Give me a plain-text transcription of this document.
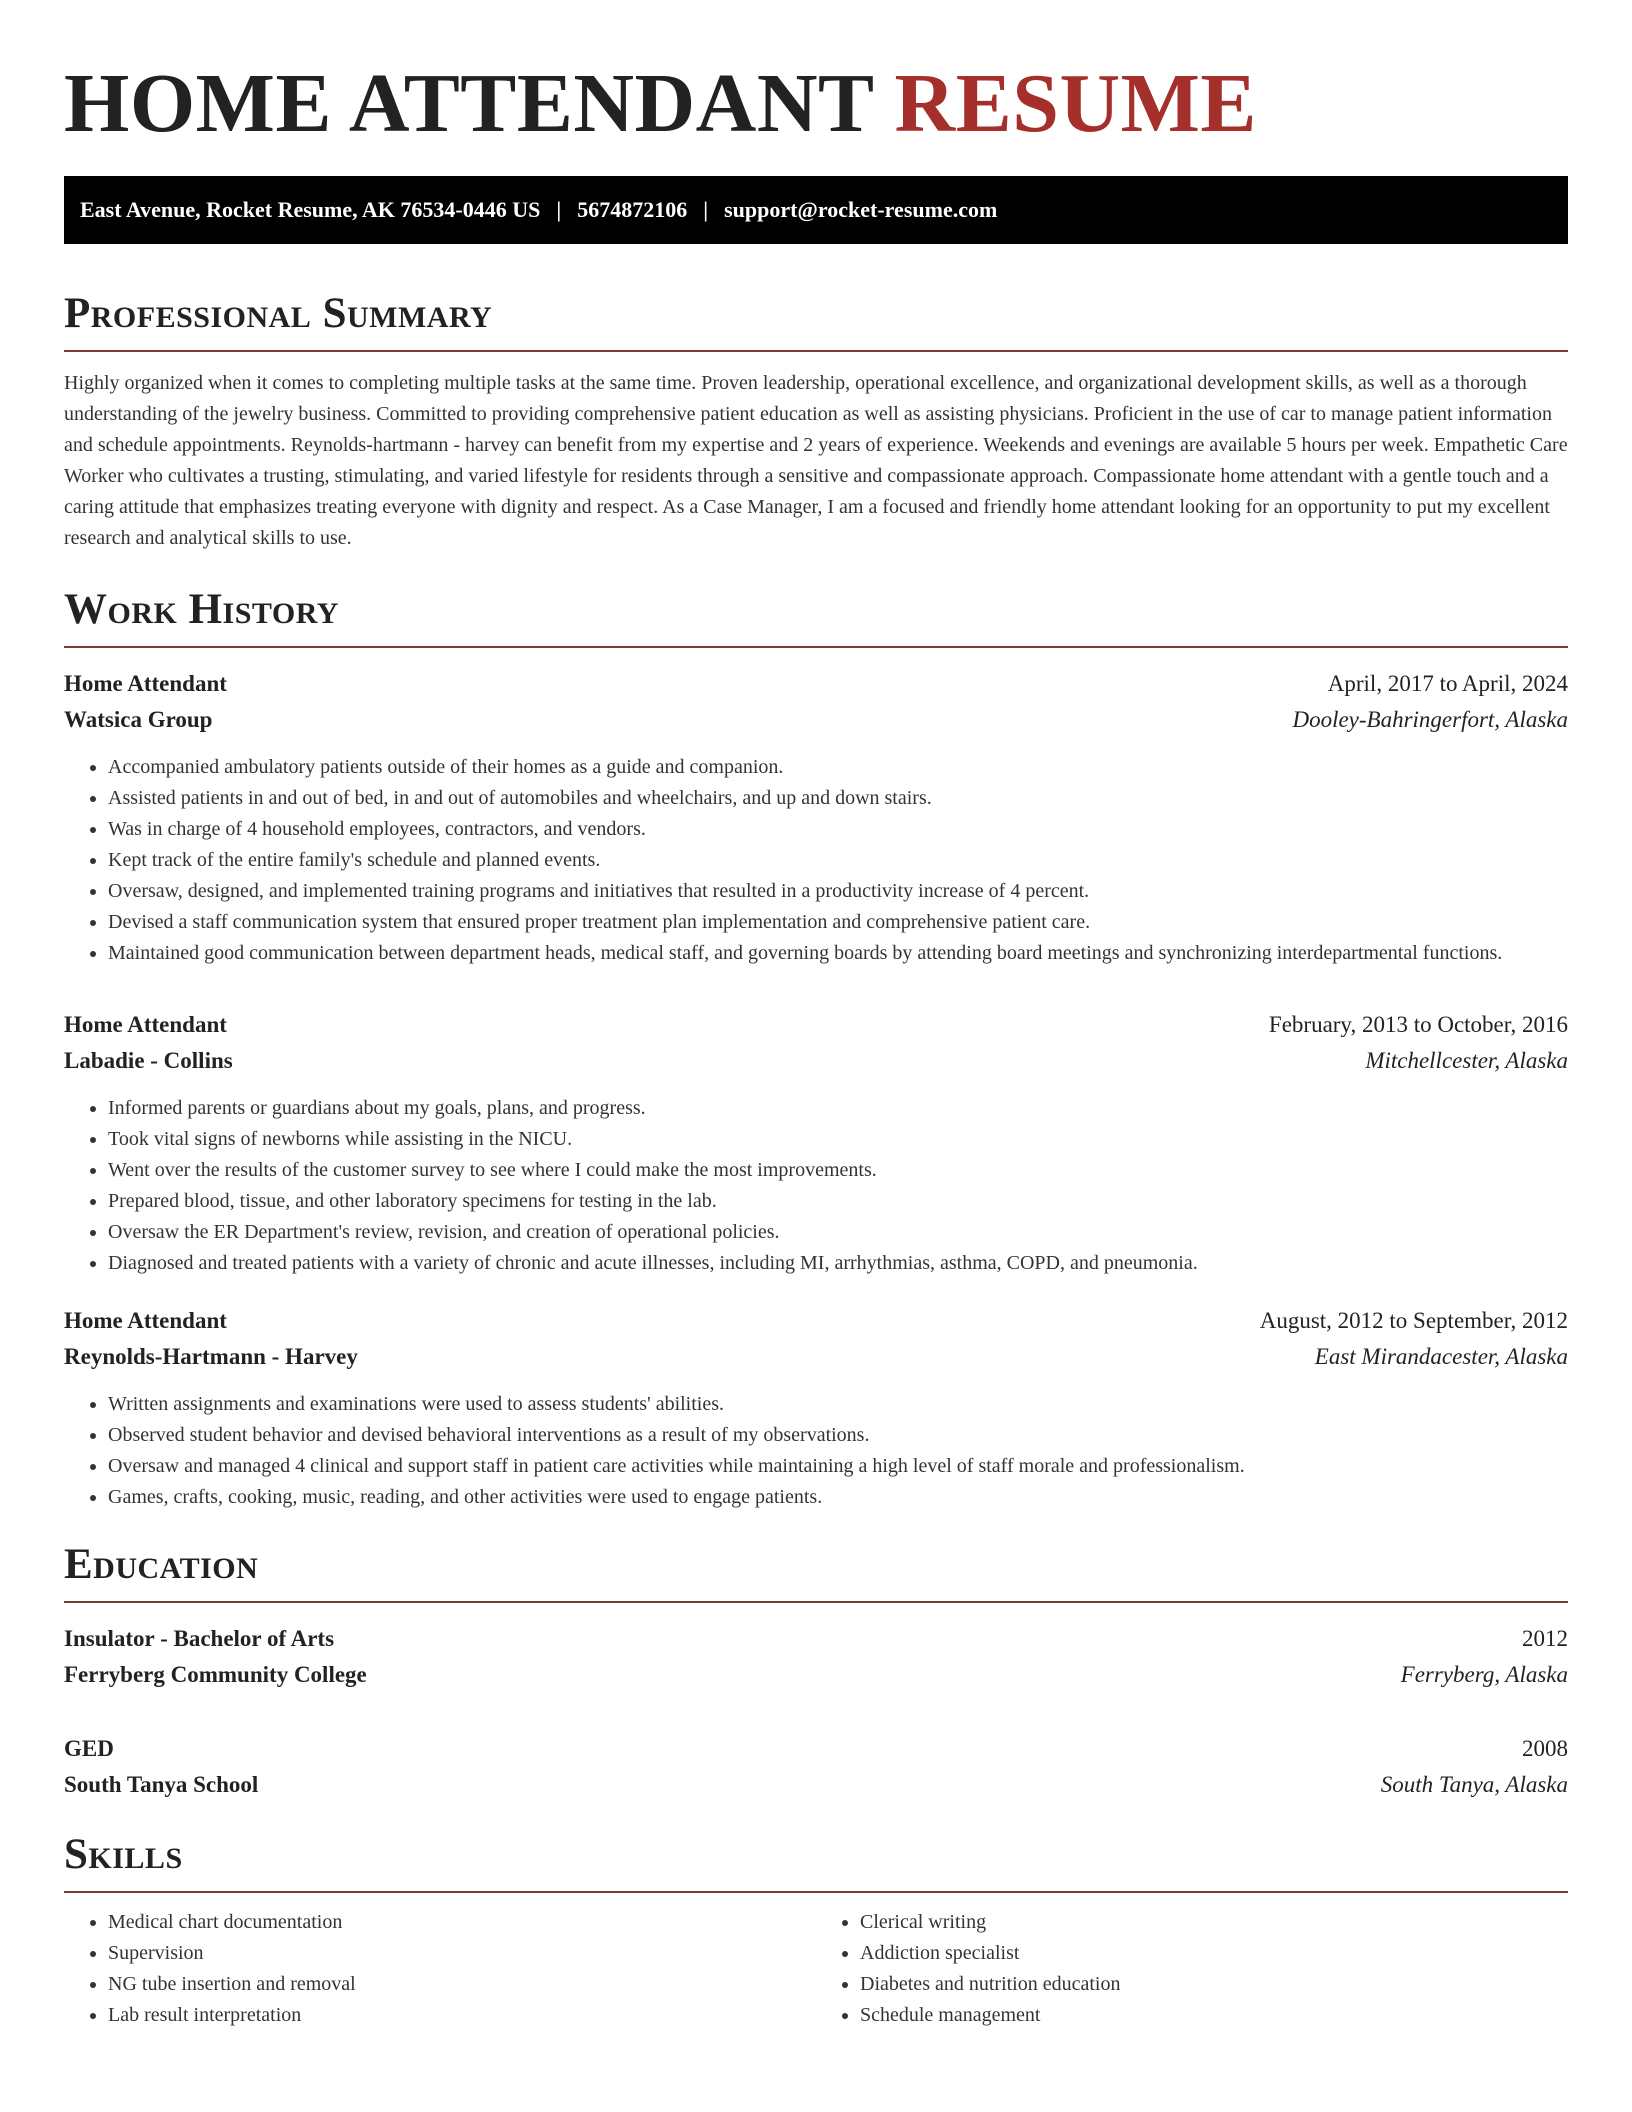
HOME ATTENDANT RESUME
East Avenue, Rocket Resume, AK 76534-0446 US | 5674872106 | support@rocket-resume.com
Professional Summary

Highly organized when it comes to completing multiple tasks at the same time. Proven leadership, operational excellence, and organizational development skills, as well as a thorough understanding of the jewelry business. Committed to providing comprehensive patient education as well as assisting physicians. Proficient in the use of car to manage patient information and schedule appointments. Reynolds-hartmann - harvey can benefit from my expertise and 2 years of experience. Weekends and evenings are available 5 hours per week. Empathetic Care Worker who cultivates a trusting, stimulating, and varied lifestyle for residents through a sensitive and compassionate approach. Compassionate home attendant with a gentle touch and a caring attitude that emphasizes treating everyone with dignity and respect. As a Case Manager, I am a focused and friendly home attendant looking for an opportunity to put my excellent research and analytical skills to use.

Work History
Home Attendant	April, 2017 to April, 2024
Watsica Group	Dooley-Bahringerfort, Alaska
• Accompanied ambulatory patients outside of their homes as a guide and companion.
• Assisted patients in and out of bed, in and out of automobiles and wheelchairs, and up and down stairs.
• Was in charge of 4 household employees, contractors, and vendors.
• Kept track of the entire family's schedule and planned events.
• Oversaw, designed, and implemented training programs and initiatives that resulted in a productivity increase of 4 percent.
• Devised a staff communication system that ensured proper treatment plan implementation and comprehensive patient care.
• Maintained good communication between department heads, medical staff, and governing boards by attending board meetings and synchronizing interdepartmental functions.
Home Attendant	February, 2013 to October, 2016
Labadie - Collins	Mitchellcester, Alaska
• Informed parents or guardians about my goals, plans, and progress.
• Took vital signs of newborns while assisting in the NICU.
• Went over the results of the customer survey to see where I could make the most improvements.
• Prepared blood, tissue, and other laboratory specimens for testing in the lab.
• Oversaw the ER Department's review, revision, and creation of operational policies.
• Diagnosed and treated patients with a variety of chronic and acute illnesses, including MI, arrhythmias, asthma, COPD, and pneumonia.
Home Attendant	August, 2012 to September, 2012
Reynolds-Hartmann - Harvey	East Mirandacester, Alaska
• Written assignments and examinations were used to assess students' abilities.
• Observed student behavior and devised behavioral interventions as a result of my observations.
• Oversaw and managed 4 clinical and support staff in patient care activities while maintaining a high level of staff morale and professionalism.
• Games, crafts, cooking, music, reading, and other activities were used to engage patients.
Education
Insulator - Bachelor of Arts	2012
Ferryberg Community College	Ferryberg, Alaska
GED	2008
South Tanya School	South Tanya, Alaska
Skills
• Medical chart documentation
• Supervision
• NG tube insertion and removal
• Lab result interpretation
• Clerical writing
• Addiction specialist
• Diabetes and nutrition education
• Schedule management
